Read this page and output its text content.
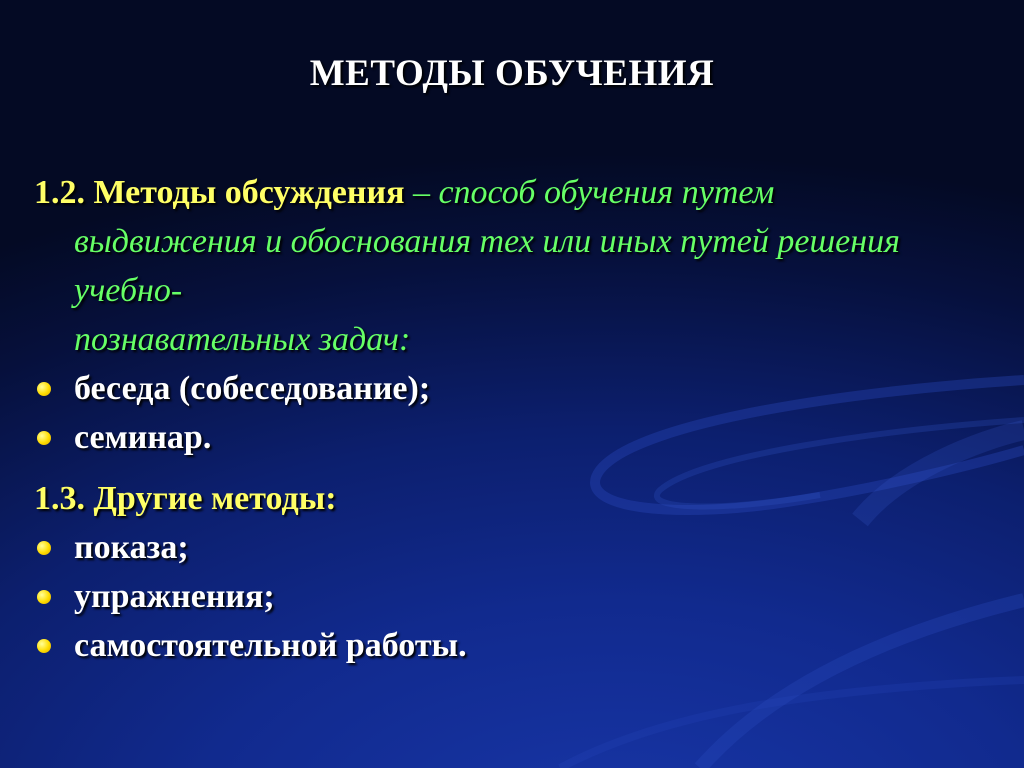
МЕТОДЫ ОБУЧЕНИЯ
1.2. Методы обсуждения – способ обучения путем
выдвижения и обоснования тех или иных путей решения учебно-
познавательных задач:
беседа (собеседование);
семинар.
1.3. Другие методы:
показа;
упражнения;
самостоятельной работы.
